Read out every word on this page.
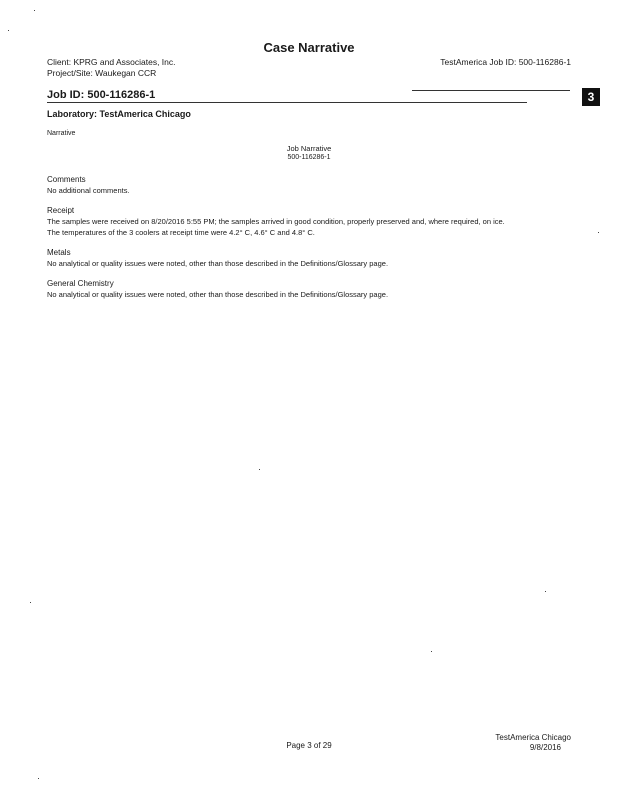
Case Narrative
Client: KPRG and Associates, Inc.
Project/Site: Waukegan CCR
TestAmerica Job ID: 500-116286-1
Job ID: 500-116286-1	3
Laboratory: TestAmerica Chicago
Narrative
Job Narrative
500-116286-1
Comments
No additional comments.
Receipt
The samples were received on 8/20/2016 5:55 PM; the samples arrived in good condition, properly preserved and, where required, on ice.
The temperatures of the 3 coolers at receipt time were 4.2° C, 4.6° C and 4.8° C.
Metals
No analytical or quality issues were noted, other than those described in the Definitions/Glossary page.
General Chemistry
No analytical or quality issues were noted, other than those described in the Definitions/Glossary page.
Page 3 of 29
TestAmerica Chicago
9/8/2016
